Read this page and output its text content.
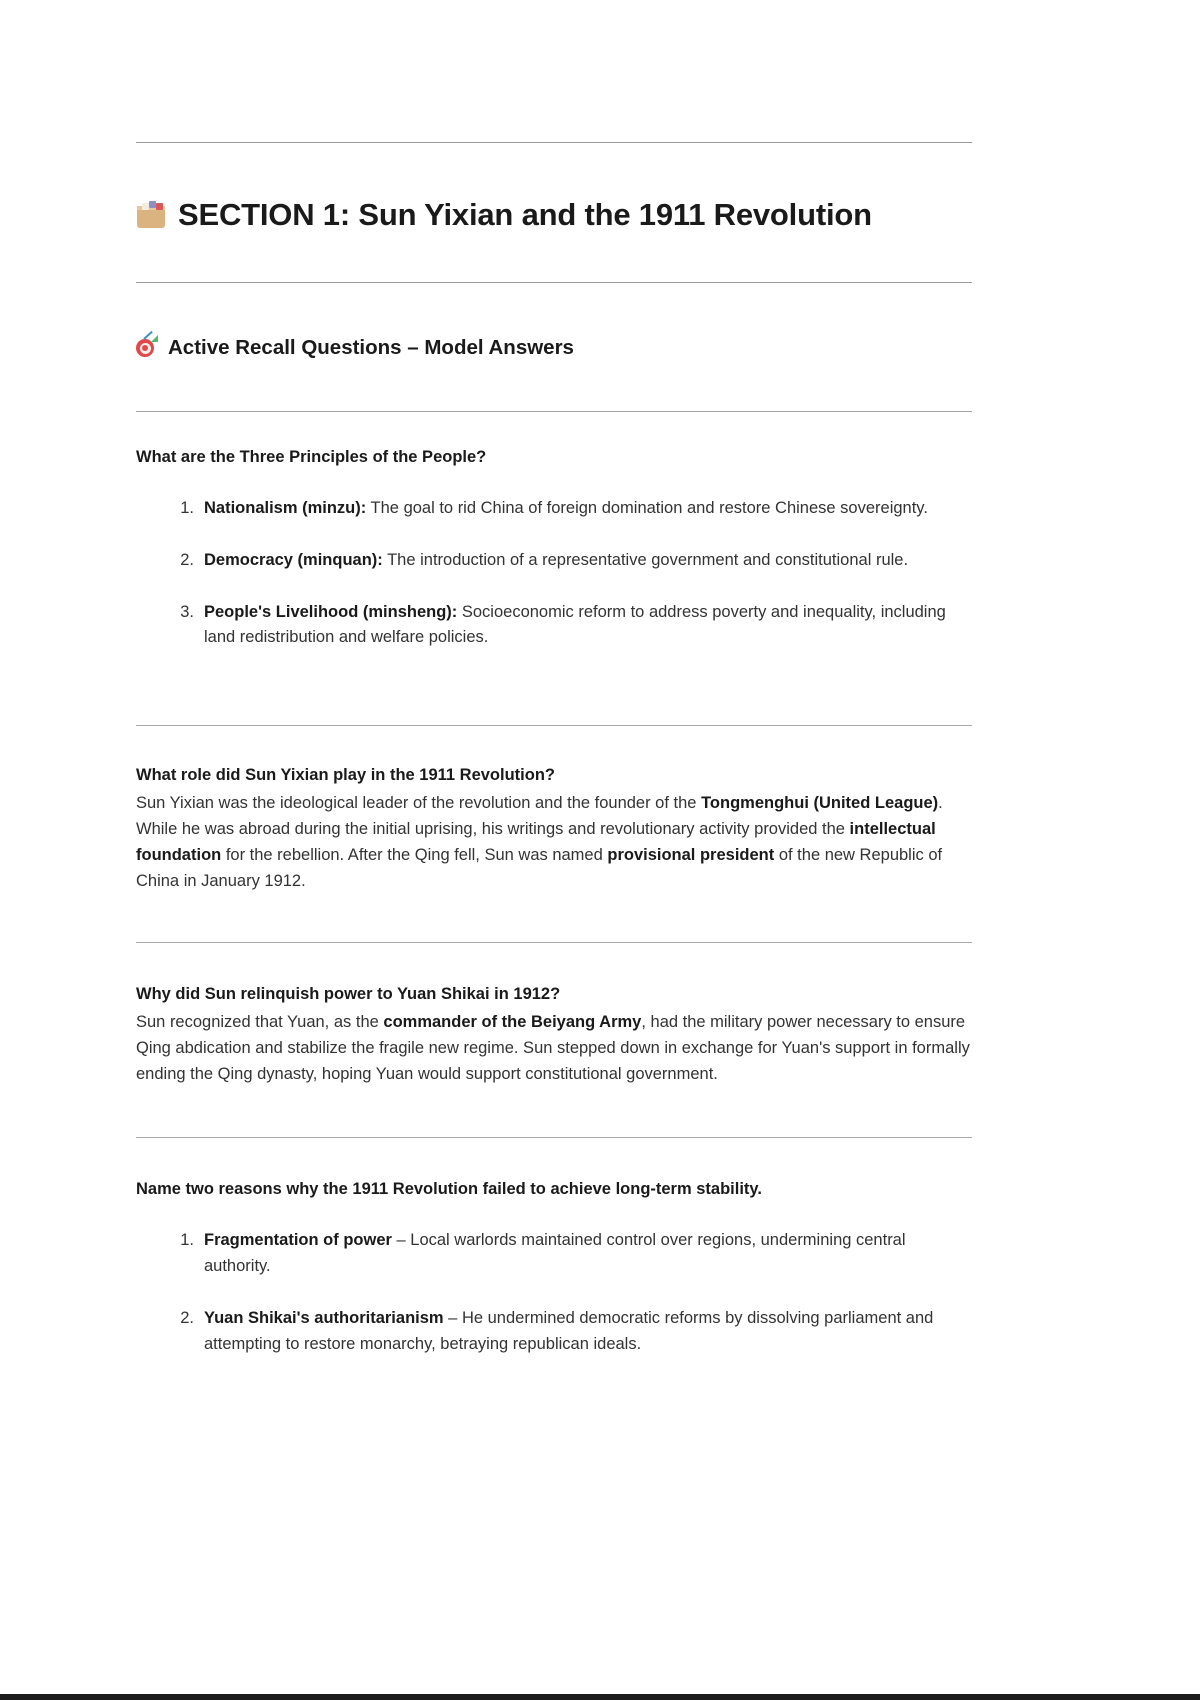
SECTION 1: Sun Yixian and the 1911 Revolution
Active Recall Questions – Model Answers
What are the Three Principles of the People?
1. Nationalism (minzu): The goal to rid China of foreign domination and restore Chinese sovereignty.
2. Democracy (minquan): The introduction of a representative government and constitutional rule.
3. People's Livelihood (minsheng): Socioeconomic reform to address poverty and inequality, including land redistribution and welfare policies.
What role did Sun Yixian play in the 1911 Revolution?

Sun Yixian was the ideological leader of the revolution and the founder of the Tongmenghui (United League). While he was abroad during the initial uprising, his writings and revolutionary activity provided the intellectual foundation for the rebellion. After the Qing fell, Sun was named provisional president of the new Republic of China in January 1912.

Why did Sun relinquish power to Yuan Shikai in 1912?

Sun recognized that Yuan, as the commander of the Beiyang Army, had the military power necessary to ensure Qing abdication and stabilize the fragile new regime. Sun stepped down in exchange for Yuan's support in formally ending the Qing dynasty, hoping Yuan would support constitutional government.

Name two reasons why the 1911 Revolution failed to achieve long-term stability.
1. Fragmentation of power – Local warlords maintained control over regions, undermining central authority.
2. Yuan Shikai's authoritarianism – He undermined democratic reforms by dissolving parliament and attempting to restore monarchy, betraying republican ideals.
